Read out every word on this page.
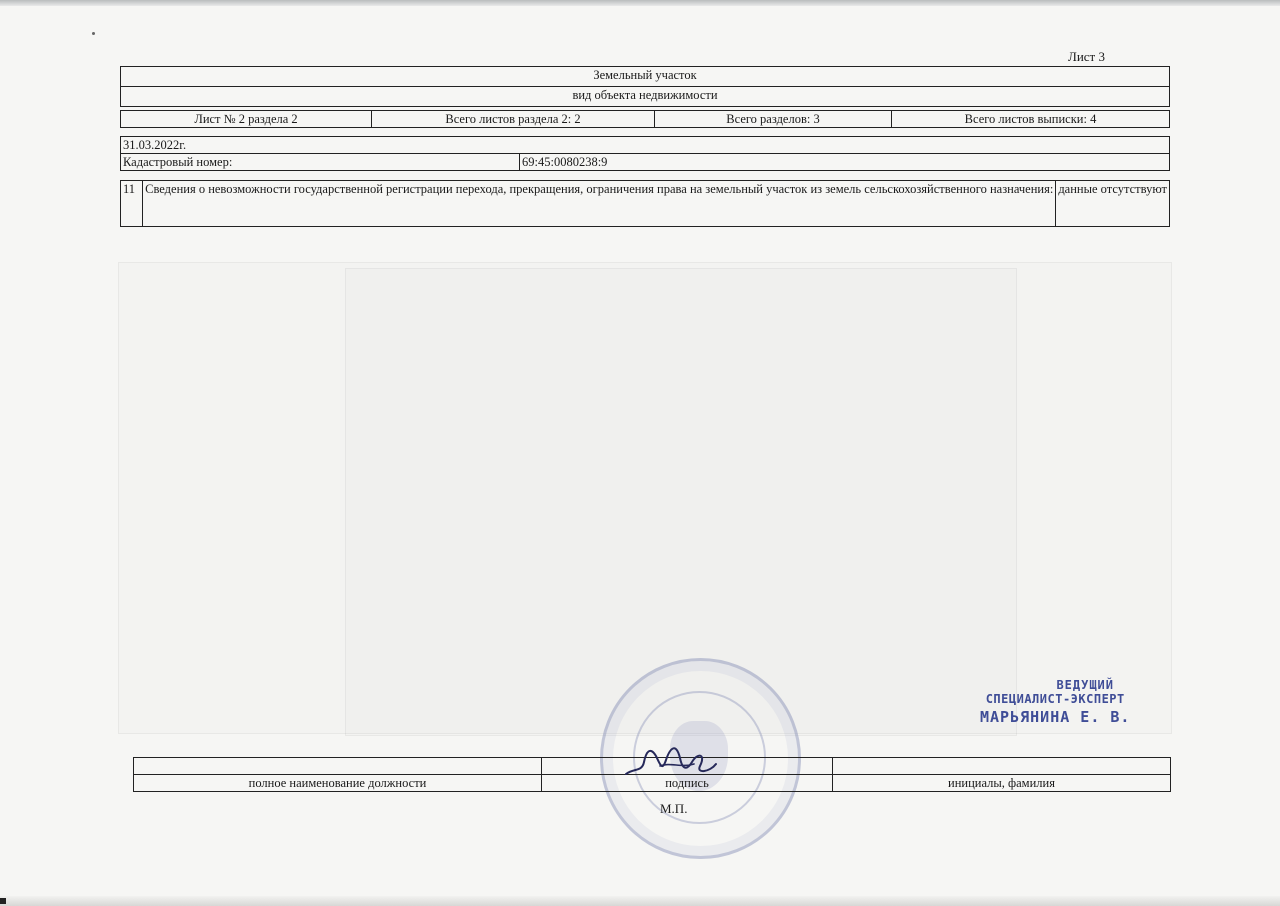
Лист 3
Земельный участок
вид объекта недвижимости
Лист № 2 раздела 2	Всего листов раздела 2: 2	Всего разделов: 3	Всего листов выписки: 4
31.03.2022г.
Кадастровый номер:	69:45:0080238:9
11	Сведения о невозможности государственной регистрации перехода, прекращения, ограничения права на земельный участок из земель сельскохозяйственного назначения:	данные отсутствуют

полное наименование должности	подпись	инициалы, фамилия
М.П.
ВЕДУЩИЙ
СПЕЦИАЛИСТ-ЭКСПЕРТ
МАРЬЯНИНА Е. В.
